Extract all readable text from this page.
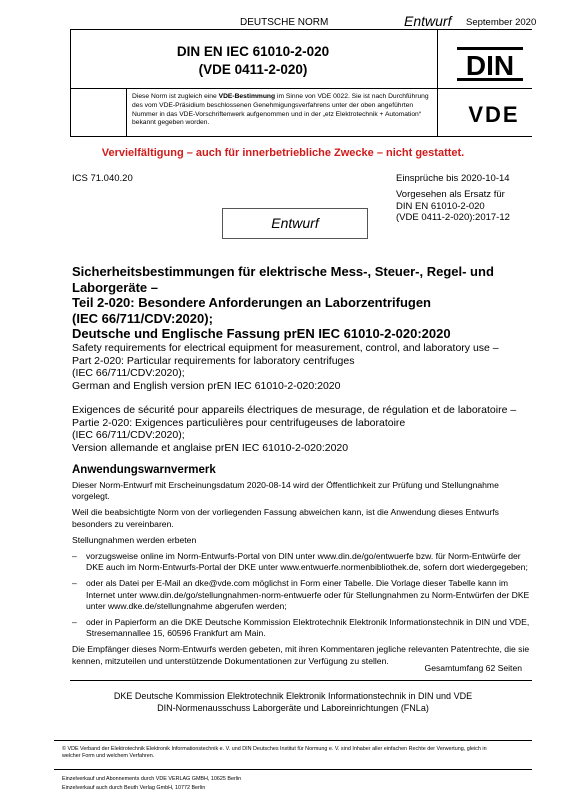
DEUTSCHE NORM	Entwurf September 2020
DIN EN IEC 61010-2-020
(VDE 0411-2-020)	DIN
Diese Norm ist zugleich eine VDE-Bestimmung im Sinne von VDE 0022. Sie ist nach Durchführung des vom VDE-Präsidium beschlossenen Genehmigungsverfahrens unter der oben angeführten Nummer in das VDE-Vorschriftenwerk aufgenommen und in der „etz Elektrotechnik + Automation“ bekannt gegeben worden.	VDE
Vervielfältigung – auch für innerbetriebliche Zwecke – nicht gestattet.
ICS 71.040.20	Einsprüche bis 2020-10-14
Vorgesehen als Ersatz für
DIN EN 61010-2-020
(VDE 0411-2-020):2017-12
Entwurf
Sicherheitsbestimmungen für elektrische Mess-, Steuer-, Regel- und
Laborgeräte –
Teil 2-020: Besondere Anforderungen an Laborzentrifugen
(IEC 66/711/CDV:2020);
Deutsche und Englische Fassung prEN IEC 61010-2-020:2020
Safety requirements for electrical equipment for measurement, control, and laboratory use –
Part 2-020: Particular requirements for laboratory centrifuges
(IEC 66/711/CDV:2020);
German and English version prEN IEC 61010-2-020:2020
Exigences de sécurité pour appareils électriques de mesurage, de régulation et de laboratoire –
Partie 2-020: Exigences particulières pour centrifugeuses de laboratoire
(IEC 66/711/CDV:2020);
Version allemande et anglaise prEN IEC 61010-2-020:2020
Anwendungswarnvermerk

Dieser Norm-Entwurf mit Erscheinungsdatum 2020-08-14 wird der Öffentlichkeit zur Prüfung und Stellungnahme vorgelegt.

Weil die beabsichtigte Norm von der vorliegenden Fassung abweichen kann, ist die Anwendung dieses Entwurfs besonders zu vereinbaren.

Stellungnahmen werden erbeten

–	vorzugsweise online im Norm-Entwurfs-Portal von DIN unter www.din.de/go/entwuerfe bzw. für Norm-Entwürfe der DKE auch im Norm-Entwurfs-Portal der DKE unter www.entwuerfe.normenbibliothek.de, sofern dort wiedergegeben;
–	oder als Datei per E-Mail an dke@vde.com möglichst in Form einer Tabelle. Die Vorlage dieser Tabelle kann im Internet unter www.din.de/go/stellungnahmen-norm-entwuerfe oder für Stellungnahmen zu Norm-Entwürfen der DKE unter www.dke.de/stellungnahme abgerufen werden;
–	oder in Papierform an die DKE Deutsche Kommission Elektrotechnik Elektronik Informationstechnik in DIN und VDE, Stresemannallee 15, 60596 Frankfurt am Main.

Die Empfänger dieses Norm-Entwurfs werden gebeten, mit ihren Kommentaren jegliche relevanten Patentrechte, die sie kennen, mitzuteilen und unterstützende Dokumentationen zur Verfügung zu stellen.

Gesamtumfang 62 Seiten
DKE Deutsche Kommission Elektrotechnik Elektronik Informationstechnik in DIN und VDE
DIN-Normenausschuss Laborgeräte und Laboreinrichtungen (FNLa)
© VDE Verband der Elektrotechnik Elektronik Informationstechnik e. V. und DIN Deutsches Institut für Normung e. V. sind Inhaber aller einfachen Rechte der Verwertung, gleich in welcher Form und welchem Verfahren.
Einzelverkauf und Abonnements durch VDE VERLAG GMBH, 10625 Berlin
Einzelverkauf auch durch Beuth Verlag GmbH, 10772 Berlin
